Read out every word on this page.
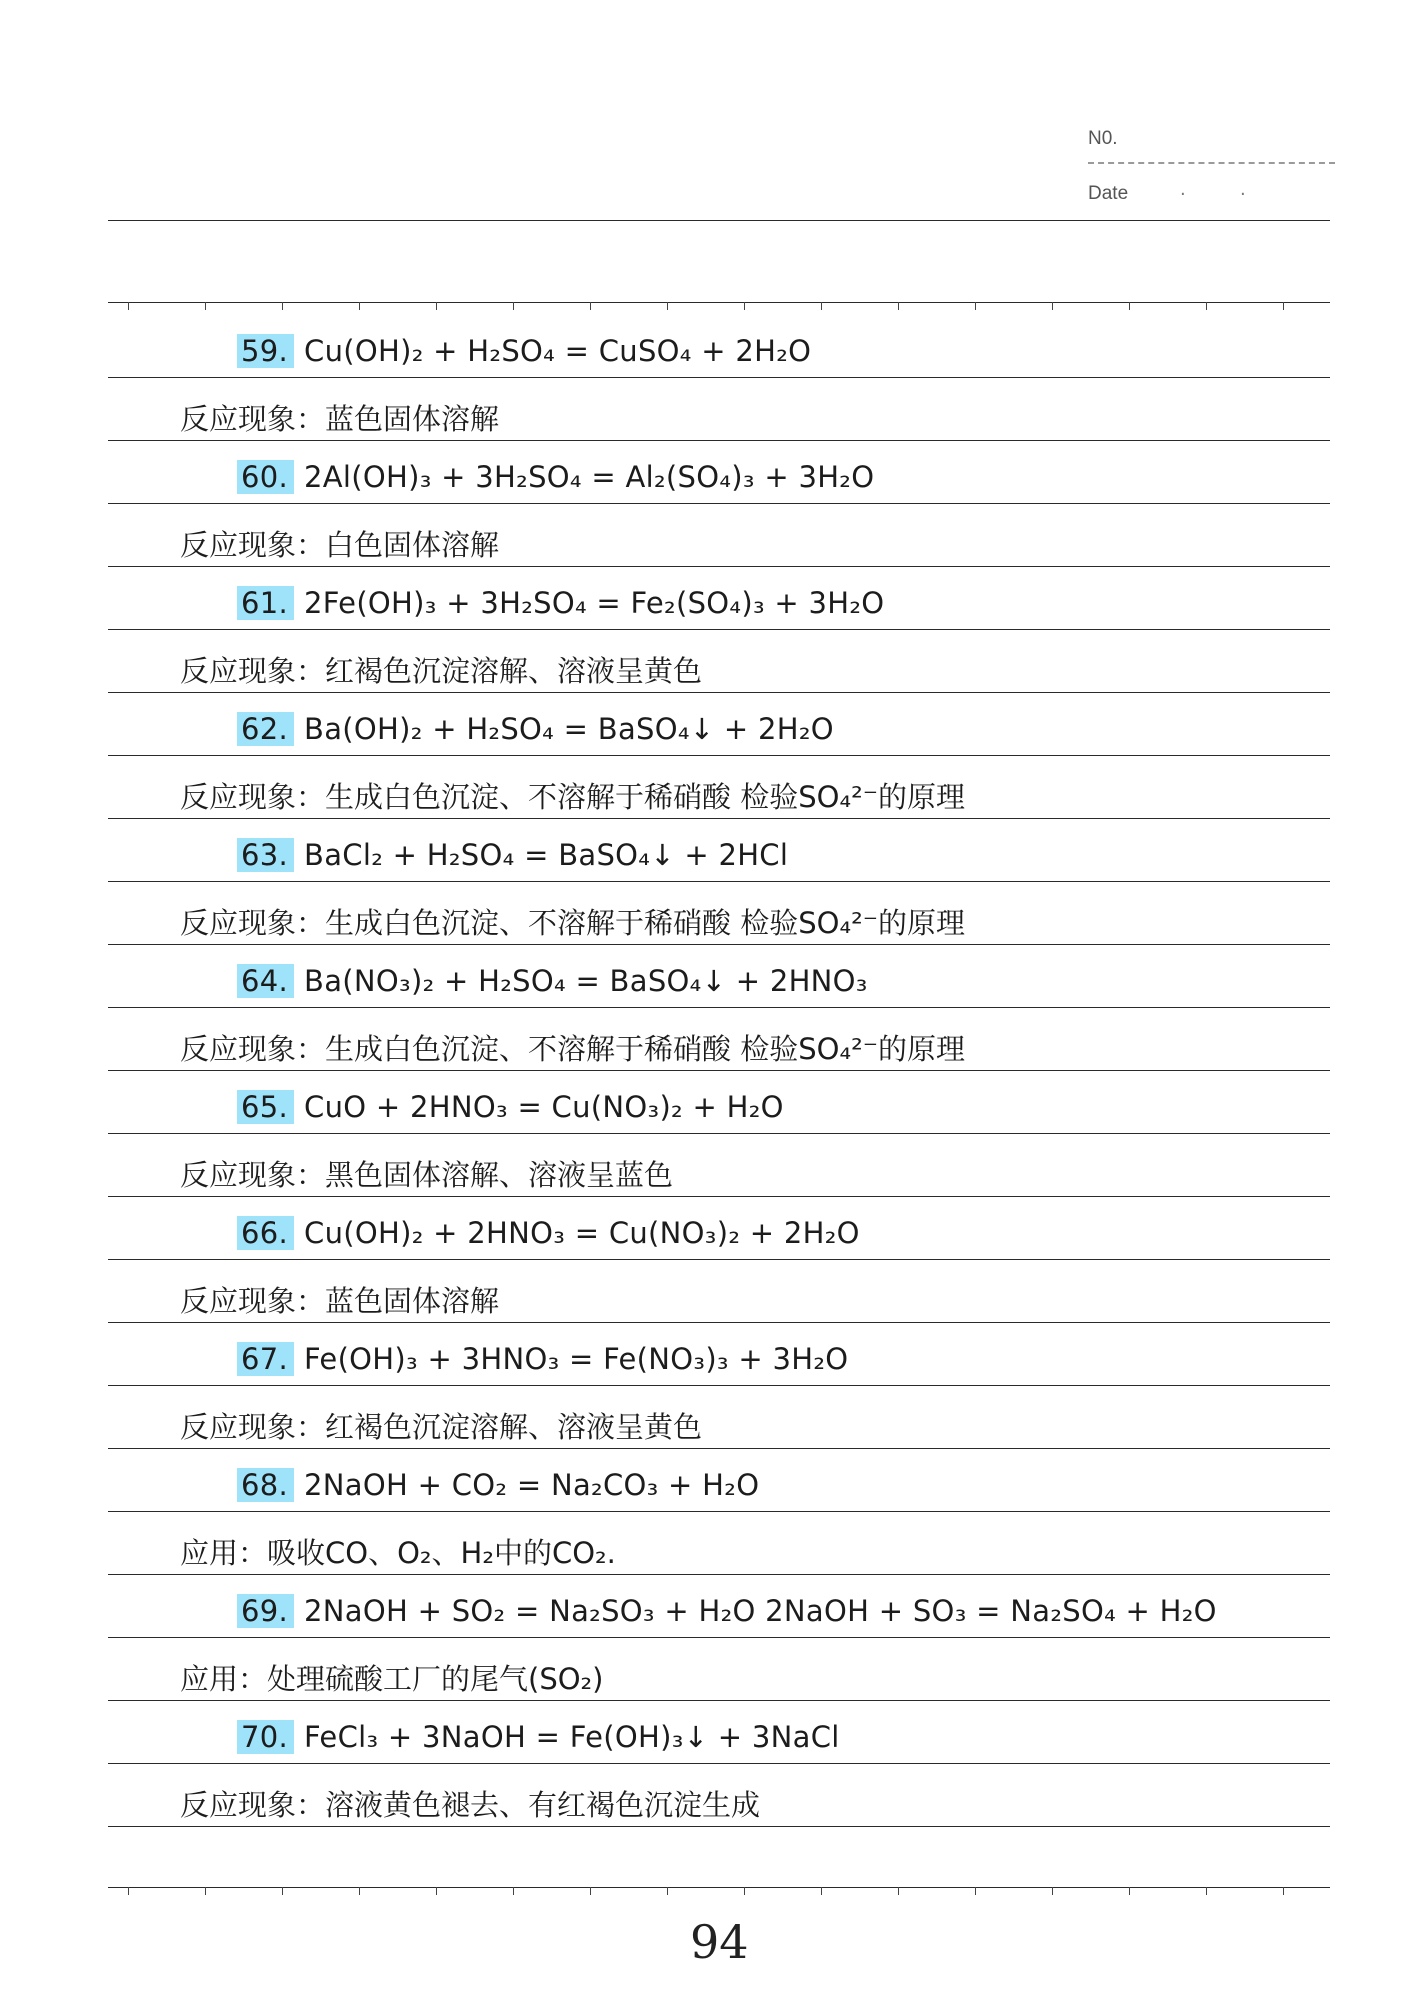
N0.
Date	·	·
59. Cu(OH)₂ + H₂SO₄ = CuSO₄ + 2H₂O
反应现象：蓝色固体溶解
60. 2Al(OH)₃ + 3H₂SO₄ = Al₂(SO₄)₃ + 3H₂O
反应现象：白色固体溶解
61. 2Fe(OH)₃ + 3H₂SO₄ = Fe₂(SO₄)₃ + 3H₂O
反应现象：红褐色沉淀溶解、溶液呈黄色
62. Ba(OH)₂ + H₂SO₄ = BaSO₄↓ + 2H₂O
反应现象：生成白色沉淀、不溶解于稀硝酸 检验SO₄²⁻的原理
63. BaCl₂ + H₂SO₄ = BaSO₄↓ + 2HCl
反应现象：生成白色沉淀、不溶解于稀硝酸 检验SO₄²⁻的原理
64. Ba(NO₃)₂ + H₂SO₄ = BaSO₄↓ + 2HNO₃
反应现象：生成白色沉淀、不溶解于稀硝酸 检验SO₄²⁻的原理
65. CuO + 2HNO₃ = Cu(NO₃)₂ + H₂O
反应现象：黑色固体溶解、溶液呈蓝色
66. Cu(OH)₂ + 2HNO₃ = Cu(NO₃)₂ + 2H₂O
反应现象：蓝色固体溶解
67. Fe(OH)₃ + 3HNO₃ = Fe(NO₃)₃ + 3H₂O
反应现象：红褐色沉淀溶解、溶液呈黄色
68. 2NaOH + CO₂ = Na₂CO₃ + H₂O
应用：吸收CO、O₂、H₂中的CO₂.
69. 2NaOH + SO₂ = Na₂SO₃ + H₂O 2NaOH + SO₃ = Na₂SO₄ + H₂O
应用：处理硫酸工厂的尾气(SO₂)
70. FeCl₃ + 3NaOH = Fe(OH)₃↓ + 3NaCl
反应现象：溶液黄色褪去、有红褐色沉淀生成
94
